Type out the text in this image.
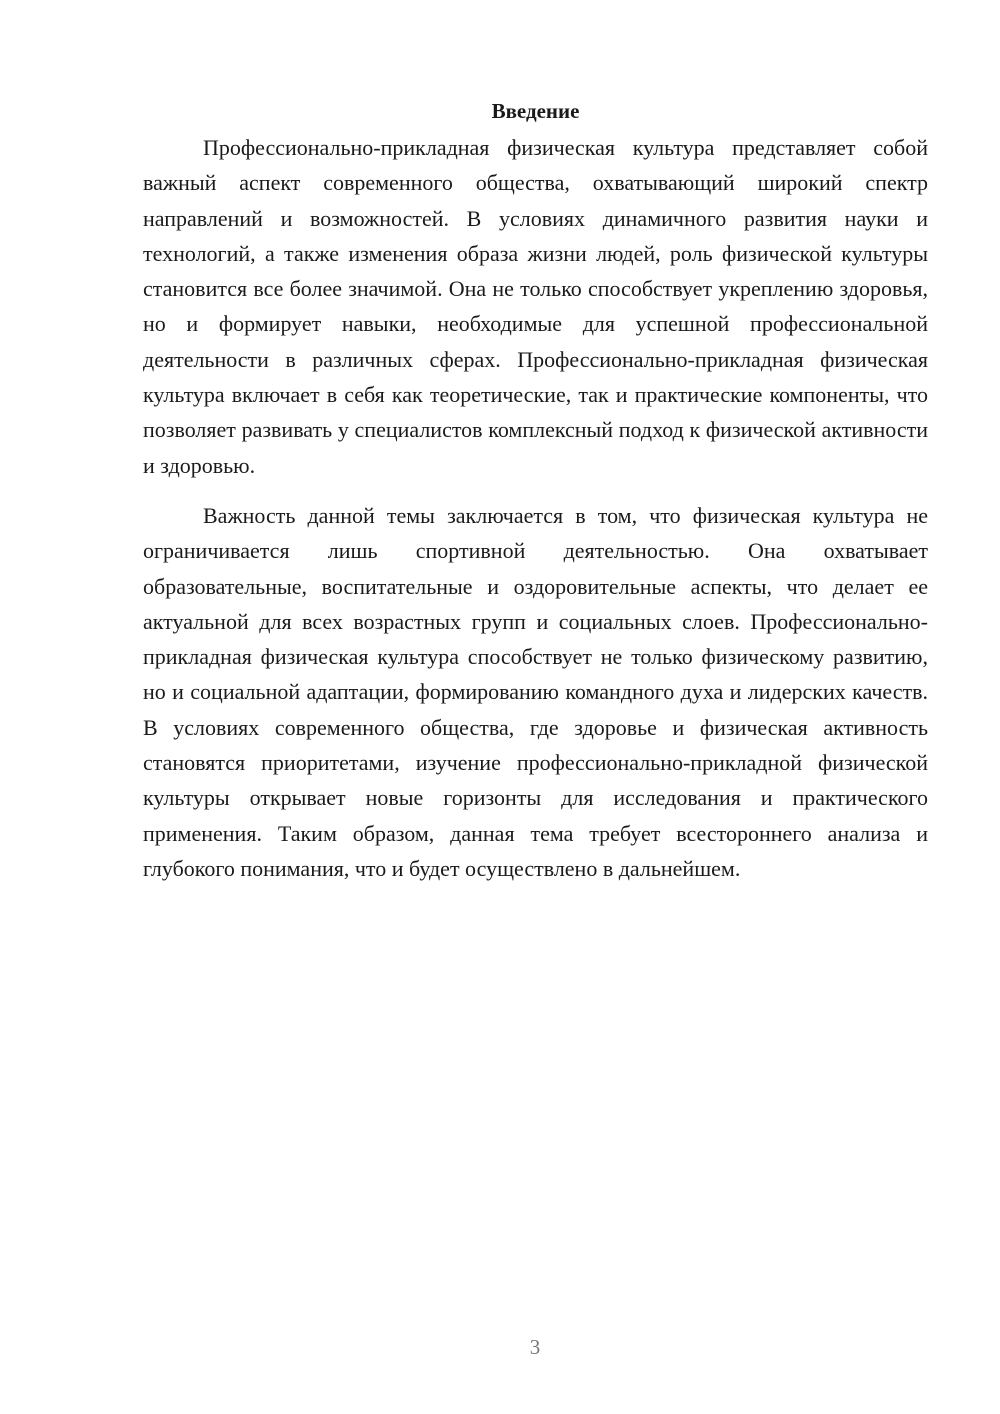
Введение

Профессионально-прикладная физическая культура представляет собой важный аспект современного общества, охватывающий широкий спектр направлений и возможностей. В условиях динамичного развития науки и технологий, а также изменения образа жизни людей, роль физической культуры становится все более значимой. Она не только способствует укреплению здоровья, но и формирует навыки, необходимые для успешной профессиональной деятельности в различных сферах. Профессионально-прикладная физическая культура включает в себя как теоретические, так и практические компоненты, что позволяет развивать у специалистов комплексный подход к физической активности и здоровью.

Важность данной темы заключается в том, что физическая культура не ограничивается лишь спортивной деятельностью. Она охватывает образовательные, воспитательные и оздоровительные аспекты, что делает ее актуальной для всех возрастных групп и социальных слоев. Профессионально-прикладная физическая культура способствует не только физическому развитию, но и социальной адаптации, формированию командного духа и лидерских качеств. В условиях современного общества, где здоровье и физическая активность становятся приоритетами, изучение профессионально-прикладной физической культуры открывает новые горизонты для исследования и практического применения. Таким образом, данная тема требует всестороннего анализа и глубокого понимания, что и будет осуществлено в дальнейшем.

3
